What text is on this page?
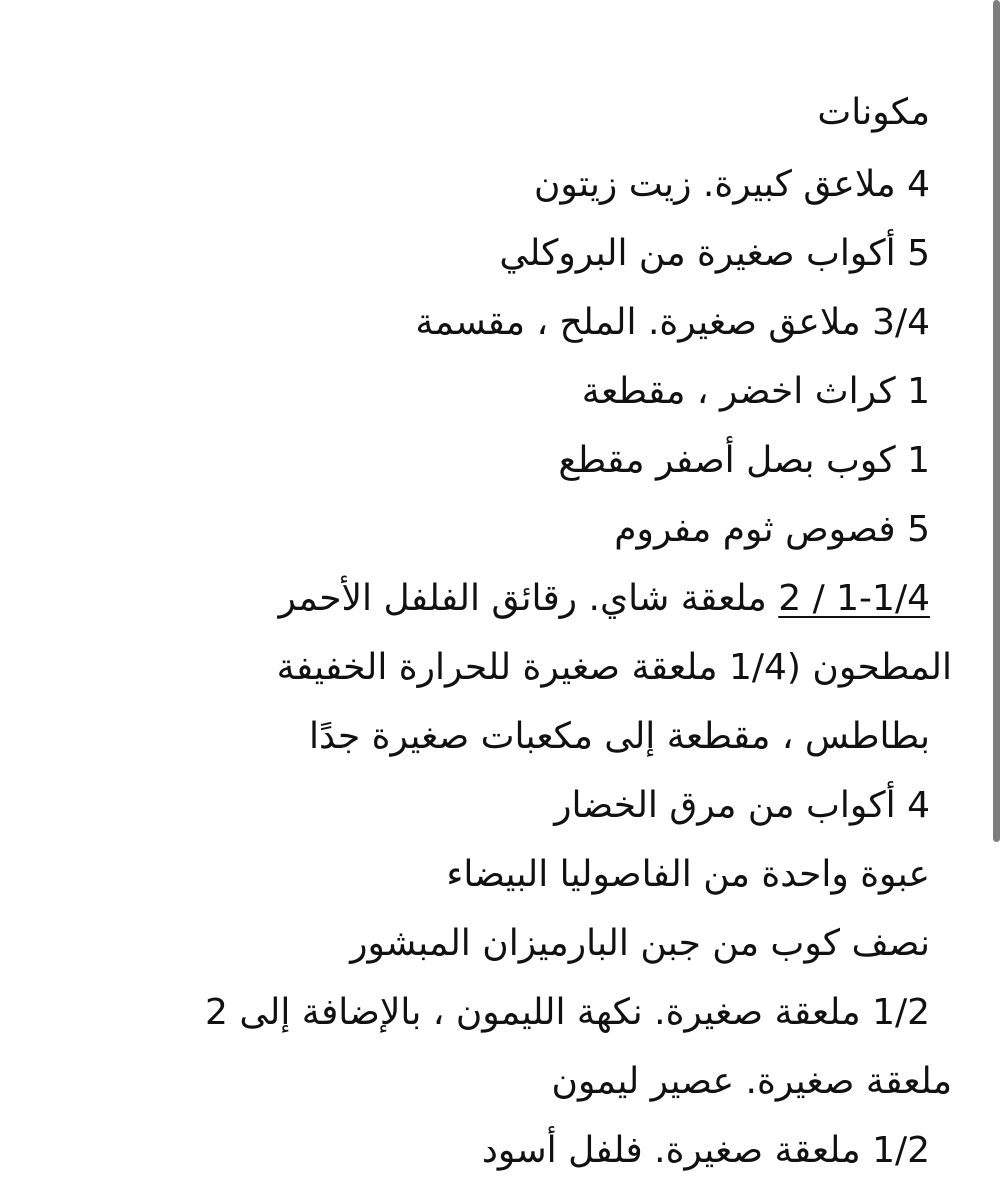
مكونات
4 ملاعق كبيرة. زيت زيتون
5 أكواب صغيرة من البروكلي
3/4 ملاعق صغيرة. الملح ، مقسمة
1 كراث اخضر ، مقطعة
1 كوب بصل أصفر مقطع
5 فصوص ثوم مفروم
2 / 1-1/4 ملعقة شاي. رقائق الفلفل الأحمر
المطحون (1/4 ملعقة صغيرة للحرارة الخفيفة
بطاطس ، مقطعة إلى مكعبات صغيرة جدًا
4 أكواب من مرق الخضار
عبوة واحدة من الفاصوليا البيضاء
نصف كوب من جبن البارميزان المبشور
1/2 ملعقة صغيرة. نكهة الليمون ، بالإضافة إلى 2
ملعقة صغيرة. عصير ليمون
1/2 ملعقة صغيرة. فلفل أسود
